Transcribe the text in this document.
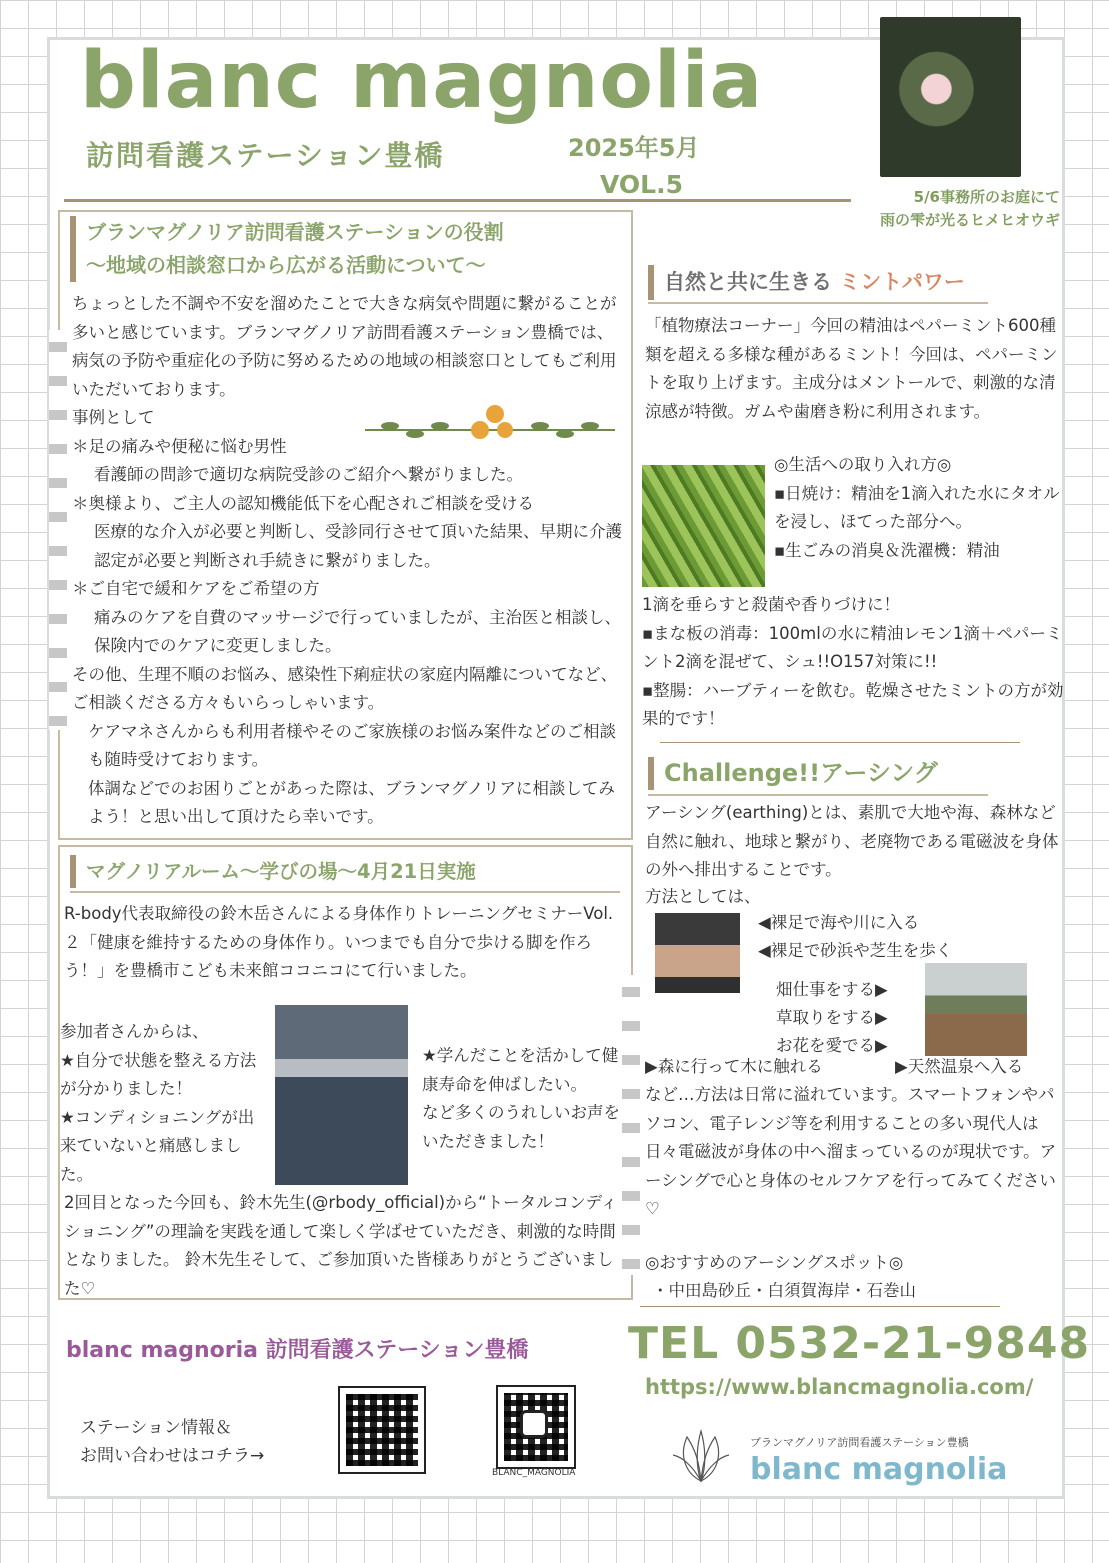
blanc magnolia
訪問看護ステーション豊橋	2025年5月
VOL.5	5/6事務所のお庭にて
雨の雫が光るヒメヒオウギ
ブランマグノリア訪問看護ステーションの役割
〜地域の相談窓口から広がる活動について〜

ちょっとした不調や不安を溜めたことで大きな病気や問題に繋がることが多いと感じています。ブランマグノリア訪問看護ステーション豊橋では、病気の予防や重症化の予防に努めるための地域の相談窓口としてもご利用いただいております。

事例として

＊足の痛みや便秘に悩む男性

看護師の問診で適切な病院受診のご紹介へ繋がりました。

＊奥様より、ご主人の認知機能低下を心配されご相談を受ける

医療的な介入が必要と判断し、受診同行させて頂いた結果、早期に介護認定が必要と判断され手続きに繋がりました。

＊ご自宅で緩和ケアをご希望の方

痛みのケアを自費のマッサージで行っていましたが、主治医と相談し、保険内でのケアに変更しました。

その他、生理不順のお悩み、感染性下痢症状の家庭内隔離についてなど、ご相談くださる方々もいらっしゃいます。

ケアマネさんからも利用者様やそのご家族様のお悩み案件などのご相談も随時受けております。

体調などでのお困りごとがあった際は、ブランマグノリアに相談してみよう！と思い出して頂けたら幸いです。

マグノリアルーム〜学びの場〜4月21日実施
R-body代表取締役の鈴木岳さんによる身体作りトレーニングセミナーVol.２「健康を維持するための身体作り。いつまでも自分で歩ける脚を作ろう！」を豊橋市こども未来館ココニコにて行いました。

参加者さんからは、

★自分で状態を整える方法が分かりました！

★コンディショニングが出来ていないと痛感しました。

★学んだことを活かして健康寿命を伸ばしたい。

など多くのうれしいお声をいただきました！

2回目となった今回も、鈴木先生(@rbody_official)から“トータルコンディショニング”の理論を実践を通して楽しく学ばせていただき、刺激的な時間となりました。 鈴木先生そして、ご参加頂いた皆様ありがとうございました♡
自然と共に生きる ミントパワー
「植物療法コーナー」今回の精油はペパーミント600種類を超える多様な種があるミント！今回は、ペパーミントを取り上げます。主成分はメントールで、刺激的な清涼感が特徴。ガムや歯磨き粉に利用されます。

◎生活への取り入れ方◎

▪日焼け：精油を1滴入れた水にタオルを浸し、ほてった部分へ。

▪生ごみの消臭＆洗濯機：精油

1滴を垂らすと殺菌や香りづけに！

▪まな板の消毒：100mlの水に精油レモン1滴＋ペパーミント2滴を混ぜて、シュ!!O157対策に!!

▪整腸：ハーブティーを飲む。乾燥させたミントの方が効果的です！

Challenge!!アーシング
アーシング(earthing)とは、素肌で大地や海、森林など自然に触れ、地球と繋がり、老廃物である電磁波を身体の外へ排出することです。
方法としては、
◀裸足で海や川に入る
◀裸足で砂浜や芝生を歩く
畑仕事をする▶
草取りをする▶
お花を愛でる▶
▶森に行って木に触れる	▶天然温泉へ入る
など…方法は日常に溢れています。スマートフォンやパソコン、電子レンジ等を利用することの多い現代人は日々電磁波が身体の中へ溜まっているのが現状です。アーシングで心と身体のセルフケアを行ってみてください♡
◎おすすめのアーシングスポット◎
・中田島砂丘・白須賀海岸・石巻山
blanc magnoria 訪問看護ステーション豊橋 TEL 0532-21-9848
https://www.blancmagnolia.com/
ステーション情報＆
お問い合わせはコチラ→
BLANC_MAGNOLIA
ブランマグノリア訪問看護ステーション豊橋
blanc magnolia
